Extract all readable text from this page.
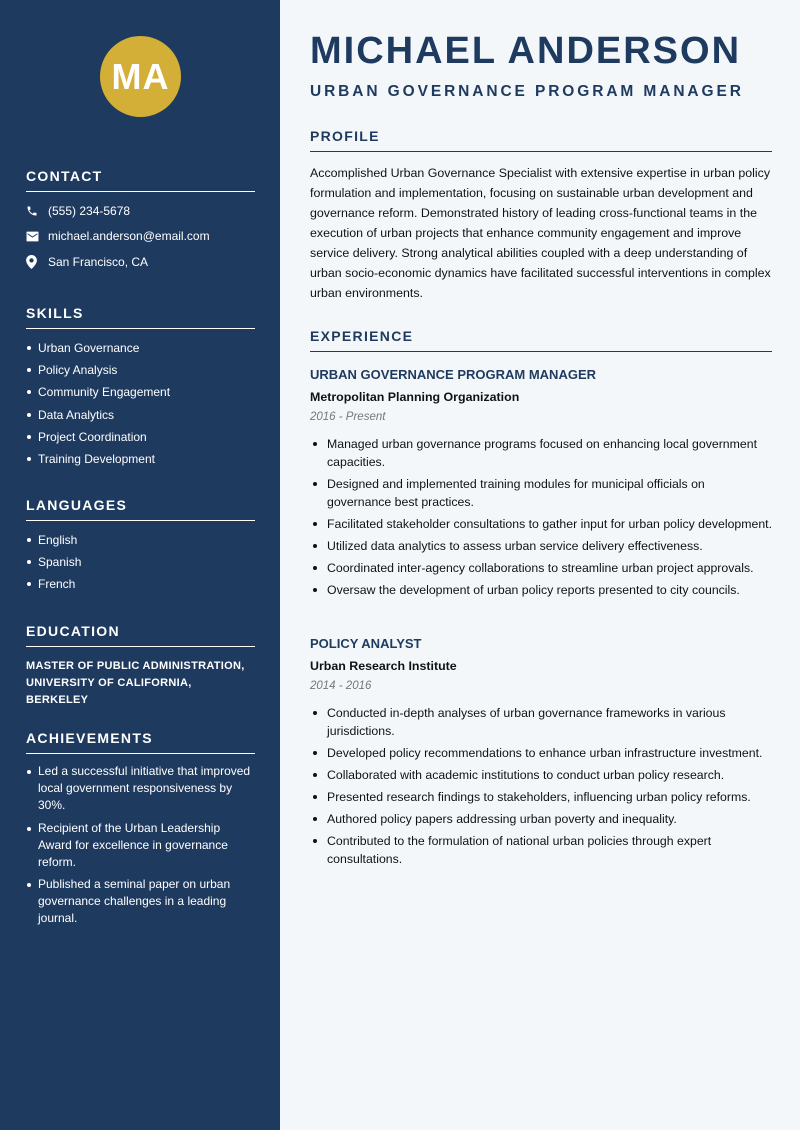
MA
CONTACT
(555) 234-5678
michael.anderson@email.com
San Francisco, CA
SKILLS
Urban Governance
Policy Analysis
Community Engagement
Data Analytics
Project Coordination
Training Development
LANGUAGES
English
Spanish
French
EDUCATION

MASTER OF PUBLIC ADMINISTRATION, UNIVERSITY OF CALIFORNIA, BERKELEY

ACHIEVEMENTS
Led a successful initiative that improved local government responsiveness by 30%.
Recipient of the Urban Leadership Award for excellence in governance reform.
Published a seminal paper on urban governance challenges in a leading journal.
MICHAEL ANDERSON
URBAN GOVERNANCE PROGRAM MANAGER
PROFILE

Accomplished Urban Governance Specialist with extensive expertise in urban policy formulation and implementation, focusing on sustainable urban development and governance reform. Demonstrated history of leading cross-functional teams in the execution of urban projects that enhance community engagement and improve service delivery. Strong analytical abilities coupled with a deep understanding of urban socio-economic dynamics have facilitated successful interventions in complex urban environments.

EXPERIENCE
URBAN GOVERNANCE PROGRAM MANAGER
Metropolitan Planning Organization
2016 - Present
Managed urban governance programs focused on enhancing local government capacities.
Designed and implemented training modules for municipal officials on governance best practices.
Facilitated stakeholder consultations to gather input for urban policy development.
Utilized data analytics to assess urban service delivery effectiveness.
Coordinated inter-agency collaborations to streamline urban project approvals.
Oversaw the development of urban policy reports presented to city councils.
POLICY ANALYST
Urban Research Institute
2014 - 2016
Conducted in-depth analyses of urban governance frameworks in various jurisdictions.
Developed policy recommendations to enhance urban infrastructure investment.
Collaborated with academic institutions to conduct urban policy research.
Presented research findings to stakeholders, influencing urban policy reforms.
Authored policy papers addressing urban poverty and inequality.
Contributed to the formulation of national urban policies through expert consultations.
